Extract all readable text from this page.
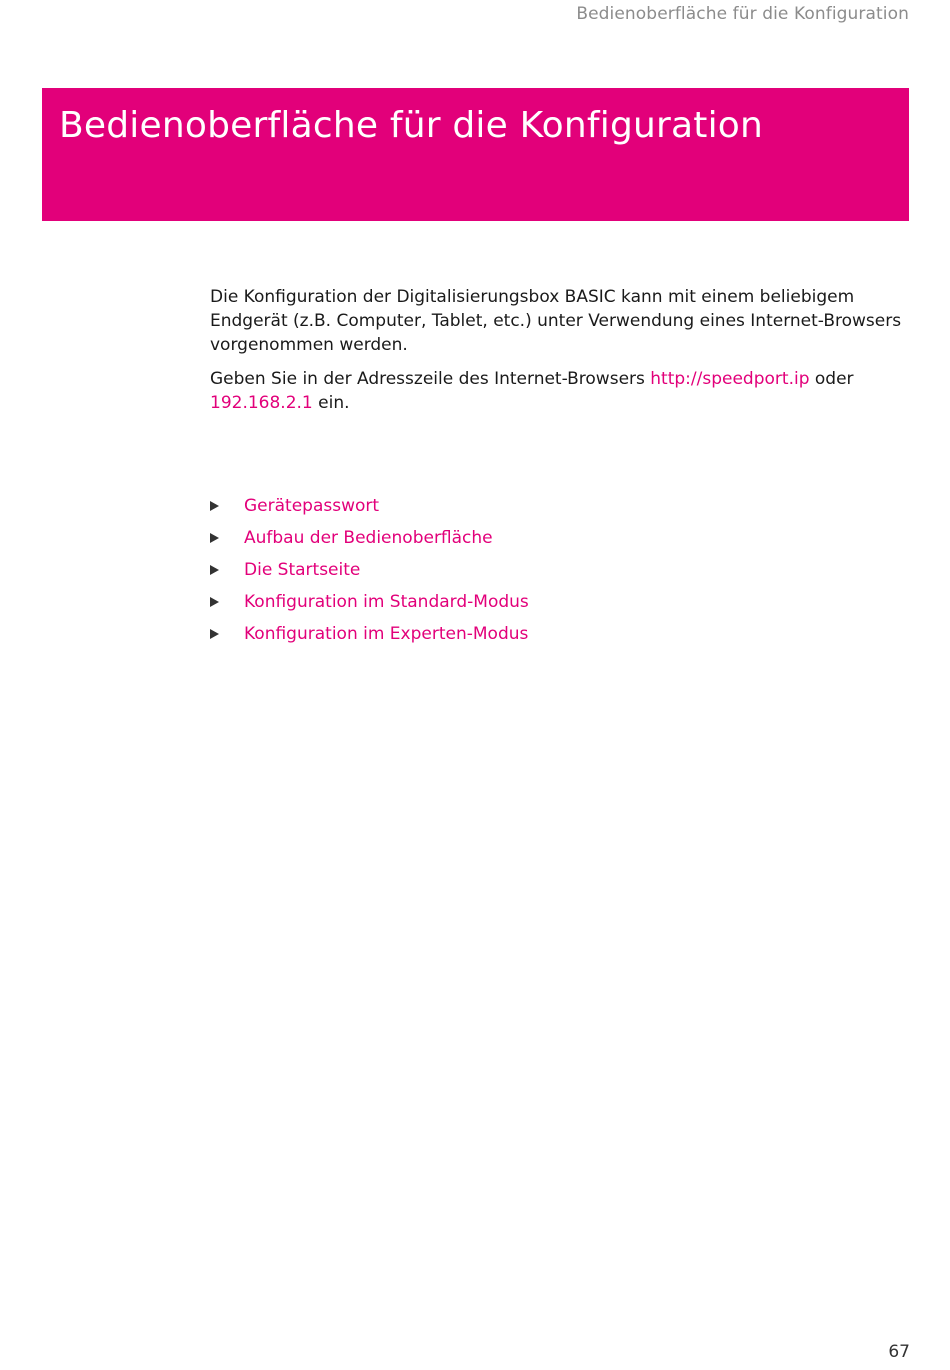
Bedienoberfläche für die Konfiguration
Bedienoberfläche für die Konfiguration

Die Konfiguration der Digitalisierungsbox BASIC kann mit einem beliebigem Endgerät (z.B. Computer, Tablet, etc.) unter Verwendung eines Internet-Browsers vorgenommen werden.

Geben Sie in der Adresszeile des Internet-Browsers http://speedport.ip oder 192.168.2.1 ein.

Gerätepasswort
Aufbau der Bedienoberfläche
Die Startseite
Konfiguration im Standard-Modus
Konfiguration im Experten-Modus
67
